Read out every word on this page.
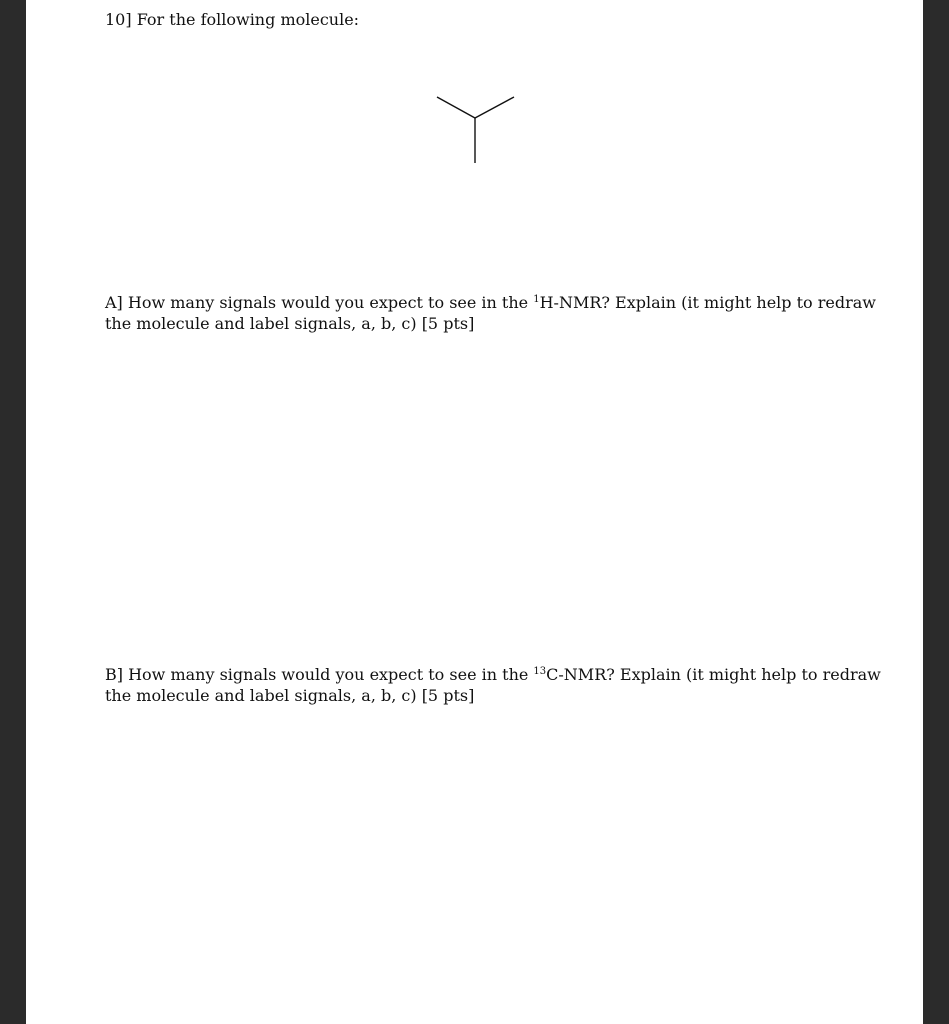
10] For the following molecule:
A] How many signals would you expect to see in the $^1$H-NMR? Explain (it might help to redraw
the molecule and label signals, a, b, c) [5 pts]
B] How many signals would you expect to see in the $^{13}$C-NMR? Explain (it might help to redraw
the molecule and label signals, a, b, c) [5 pts]
